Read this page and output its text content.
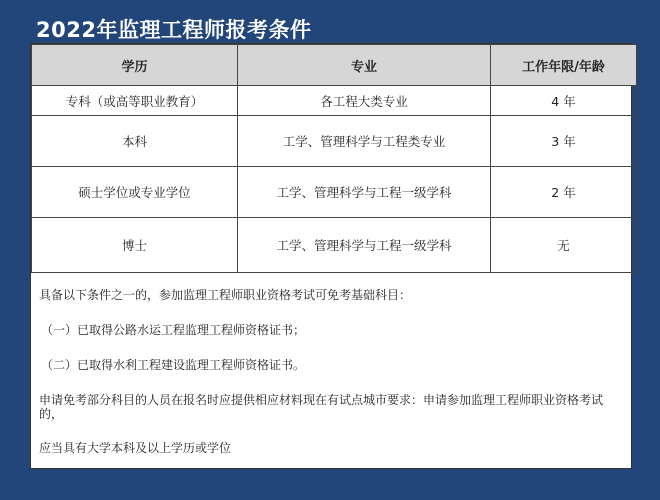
2022年监理工程师报考条件
学历	专业	工作年限/年龄
专科（或高等职业教育）	各工程大类专业	4 年
本科	工学、管理科学与工程类专业	3 年
硕士学位或专业学位	工学、管理科学与工程一级学科	2 年
博士	工学、管理科学与工程一级学科	无

具备以下条件之一的，参加监理工程师职业资格考试可免考基础科目：

（一）已取得公路水运工程监理工程师资格证书；

（二）已取得水利工程建设监理工程师资格证书。

申请免考部分科目的人员在报名时应提供相应材料现在有试点城市要求：申请参加监理工程师职业资格考试的，

应当具有大学本科及以上学历或学位
